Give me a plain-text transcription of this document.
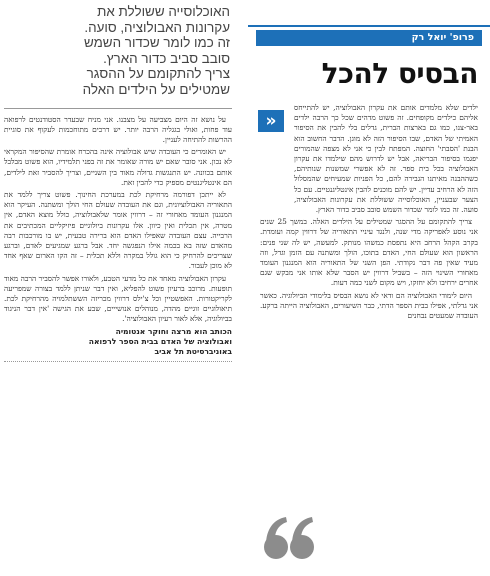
האוכלוסייה ששוללת את
עקרונות האבולוציה, סועה.
זה כמו לומר שכדור השמש
סובב סביב כדור הארץ.
צריך להתקומם על ההסגר
שמטילים על הילדים האלה

על נושא זה היום מצביעה על מצבנו. אני מניח שבעדר הסטודנטים לרפואה עוד פחות, ואולי בגגליה הרבה יותר. יש דרכים מתוחכמות לעקוף את סוגיית ההרשות להתיחה לעניין.

יש האומרים כי העובדה שיש אבולוציה אינה בהכרח אומרת שהסיפור המקראי לא נכון. אני סובר שאם יש מורה שאומר את זה בפני תלמידיו, הוא פשוט מבלבל אותם בכוונה. יש התנגשות גדולה מאוד בין השניים, וצריך להסביר זאת לילדים, הם אינטליגנטים מספיק כדי להבין זאת.

לא ייתכן דפורמה מרחיקת לכת במערכת החינוך. פשוט צריך ללמד את התאוריה האבולוציונית, וגם את העובדה שעולם החי הולך ומשתנה. העיקר הוא המנגנון העומד מאחורי זה – דרווין אומר שלאבולוציה, כולל מוצא האדם, אין מטרה, אין תכלית ואין כיוון. אלו עקרונות ביולוגיים פיזיקליים המכתיבים את הרבייה. עצם העובדה שאפילו האדם הוא ברירה טבעית, יש בו מורכבות רבה מהאדם שזה בא בכמה אילו הנפגשה יחד. אבל ברגע שמגיעים לאדם, וברגע שצריכים להרחיק כי הוא גולל במקרה וללא תכלית – זה הקו הארום שאף אחד לא מוכן לעבור.

עקרון האבולוציה מאחד את כל מדעי הטבע, ולאורו אפשר להסביר הרבה מאוד תופעות. מרוכב ברעיון פשוט להפליא, ואין דבר שניתן ללמד בצורה שמפריעה לקריקטורות. האפשטיין וכל צ'ילס דרווין מכריזה הששתלמויה מהרחיקת לכת. תיאולוגיים זוגיים מהדה, מנוהלים אנושייים, שבע את הגישה 'אין דבר הניגוד בביולוגיה, אלא לאור רעיון האבולוציה'.

הכותב הוא מרצה וחוקר אנטומיה
ואבולוציה של האדם בבית הספר לרפואה
באוניברסיטת תל אביב
פרופ' יואל רק
הבסיס להכל
«

ילדים שלא מלמדים אותם את עקרון האבולוציה, יש להתייחס אליהם כילדים מקופחים. זה פשוט מדהים שכל כך הרבה ילדים באר-צנו, כמו גם בארצות הברית, גדלים בלי להבין את הסיפור האמיתי של האדם, שבו הסיפור הזה לא מוגן. הדבר החשוב הוא הבנת 'הסבתי' החוצה. המפתח לבין כי אני לא מצפה שהמורים יפגמו בסיפור הבריאה, אבל יש לדרוש מהם שילמדו את עקרון האבולוציה בכל בית ספר. זה לא אפשרי שמשנות שנותיהם, כשההבנה מאיתנו הגבירה להם, כל הפניות שמעיחים שהמסלול הזה לא הרחיב עדיין. יש להם מוכנים להבין אינטליגנטיים. עם כל הצער שבעניין, האוכלוסייה ששוללת את עקרונות האבולוציה, סועה. זה כמו לומר שכדור השמש סובב סביב כדור הארץ.

צריך להתקומם על ההסגר שמטילים על הילדים האלה. במשך 25 שנים אני נוסע לאפריקה מדי שנה, ולנגד עיניי התאוריה של דרווין קמה ועומדת. בקרב הקהל הרחב היא נתפסת כמשהו מנותק. למעשה, יש לה שני פנים: הראשון הוא שעולם החי, האדם בתוכו, הולך ומשתנה עם הזמן וגדל, וזה מעיד שאין פה דבר נקודתי. הפן השני של התאוריה הוא המנגנון העומד מאחורי השינוי הזה – בשביל דרווין יש הסבר שלא אותו אני מבקש שגם אחרים ירחיבו ולא יחזקו, ויש מקום לשני כמה דעות.

היום לימודי האבולוציה הם ודאי לא נושא הבסיס בלימודי הביולוגיה. כאשר אני גדלתי, אפילו בבית הספר הדתי, כבר השיעורים, האבולוציה הייתה ברקע. העובדה שמעטים נבחנים
